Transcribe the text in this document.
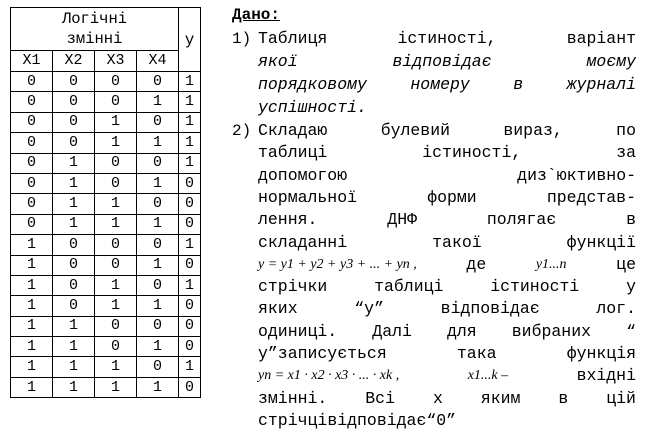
Логічні
змінні				y
X1	X2	X3	X4	
0	0	0	0	1
0	0	0	1	1
0	0	1	0	1
0	0	1	1	1
0	1	0	0	1
0	1	0	1	0
0	1	1	0	0
0	1	1	1	0
1	0	0	0	1
1	0	0	1	0
1	0	1	0	1
1	0	1	1	0
1	1	0	0	0
1	1	0	1	0
1	1	1	0	1
1	1	1	1	0
Дано:
1) Таблиця	істиності,	варіант
якої	відповідає	моєму
порядковому	номеру	в	журналі
успішності.
2) Складаю	булевий	вираз,	по
таблиці	істиності,	за
допомогою	диз`юктивно-
нормальної	форми	представ-
лення.	ДНФ	полягає	в
складанні	такої	функції
y = y1 + y2 + y3 + ... + yn ,	де	y1...n	це
стрічки	таблиці	істиності	у
яких	“y”	відповідає	лог.
одиниці. Далі для вибраних “
y”записується	така	функція
yn = x1 · x2 · x3 · ... · xk ,	x1...k –	вхідні
змінні. Всі x яким в цій
стрічцівідповідає“0”
